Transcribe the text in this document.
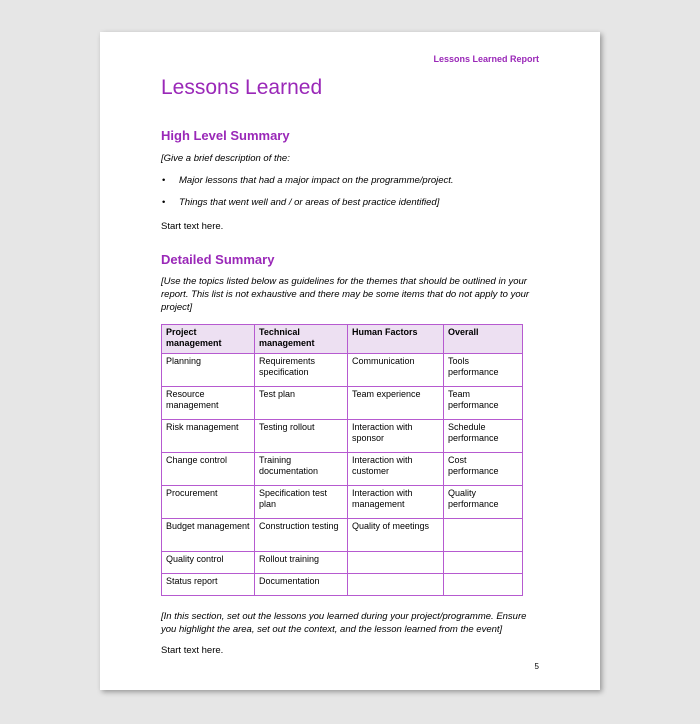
Lessons Learned Report
Lessons Learned
High Level Summary

[Give a brief description of the:

• Major lessons that had a major impact on the programme/project.
• Things that went well and / or areas of best practice identified]

Start text here.

Detailed Summary

[Use the topics listed below as guidelines for the themes that should be outlined in your report. This list is not exhaustive and there may be some items that do not apply to your project]

Project management	Technical management	Human Factors	Overall
Planning	Requirements specification	Communication	Tools performance
Resource management	Test plan	Team experience	Team performance
Risk management	Testing rollout	Interaction with sponsor	Schedule performance
Change control	Training documentation	Interaction with customer	Cost performance
Procurement	Specification test plan	Interaction with management	Quality performance
Budget management	Construction testing	Quality of meetings	
Quality control	Rollout training		
Status report	Documentation		

[In this section, set out the lessons you learned during your project/programme. Ensure you highlight the area, set out the context, and the lesson learned from the event]

Start text here.

5
